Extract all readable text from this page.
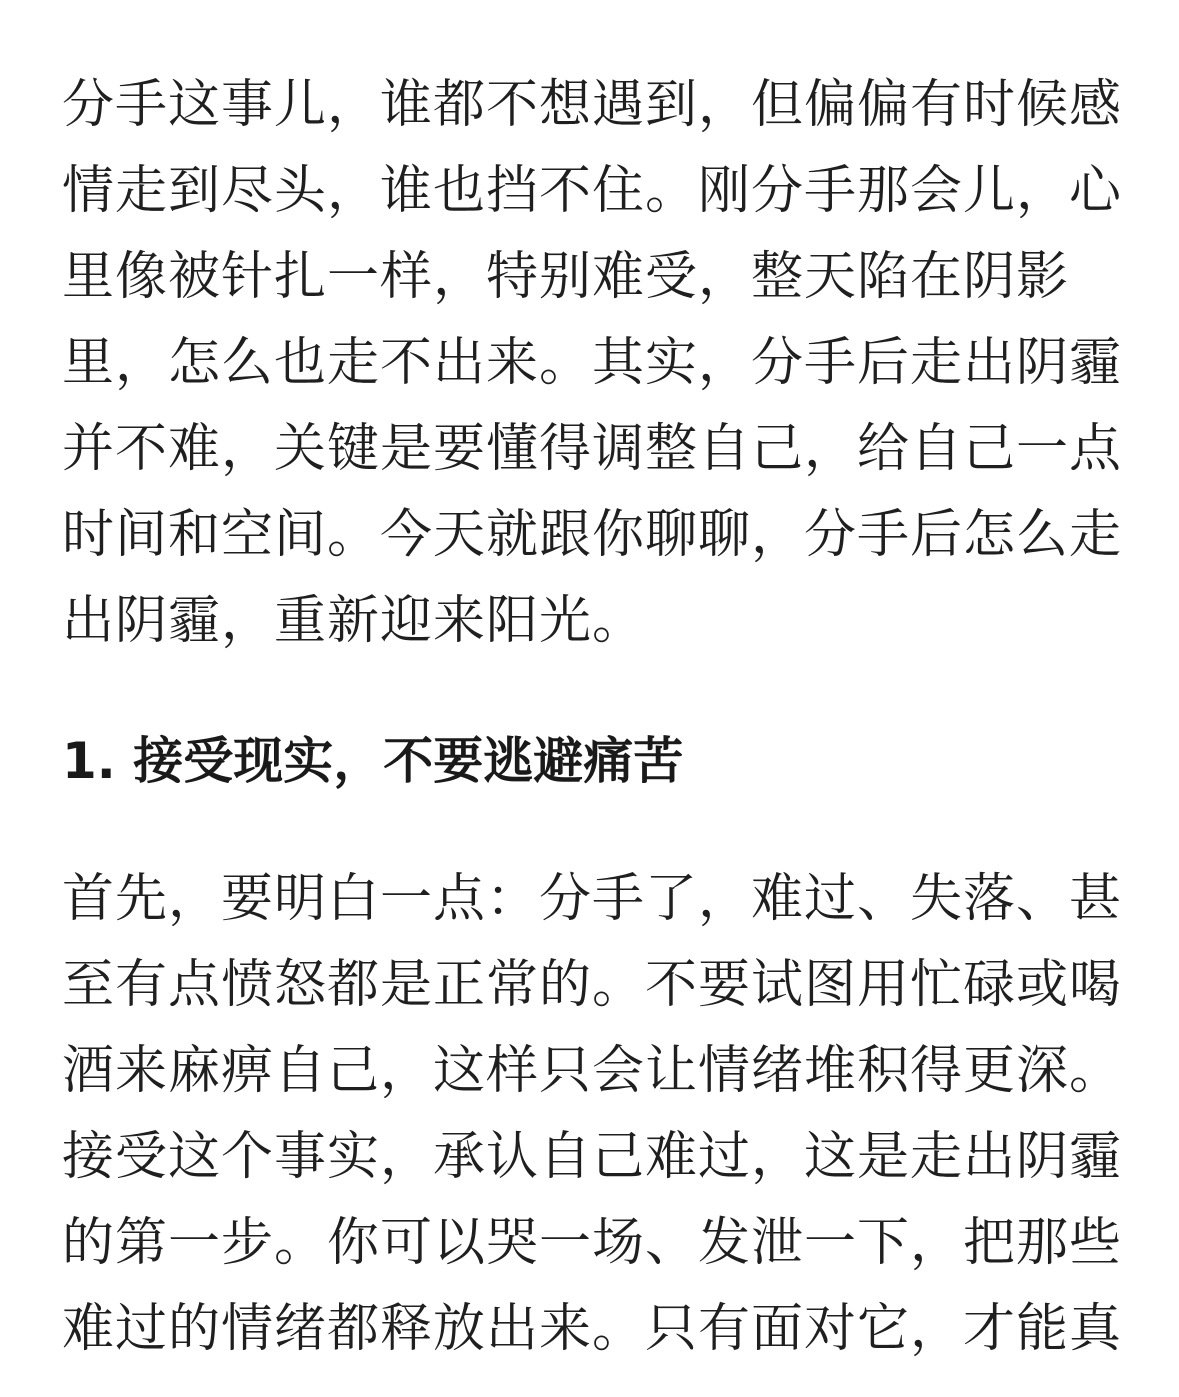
分手这事儿，谁都不想遇到，但偏偏有时候感情走到尽头，谁也挡不住。刚分手那会儿，心里像被针扎一样，特别难受，整天陷在阴影里，怎么也走不出来。其实，分手后走出阴霾并不难，关键是要懂得调整自己，给自己一点时间和空间。今天就跟你聊聊，分手后怎么走出阴霾，重新迎来阳光。

1. 接受现实，不要逃避痛苦

首先，要明白一点：分手了，难过、失落、甚至有点愤怒都是正常的。不要试图用忙碌或喝酒来麻痹自己，这样只会让情绪堆积得更深。接受这个事实，承认自己难过，这是走出阴霾的第一步。你可以哭一场、发泄一下，把那些难过的情绪都释放出来。只有面对它，才能真
